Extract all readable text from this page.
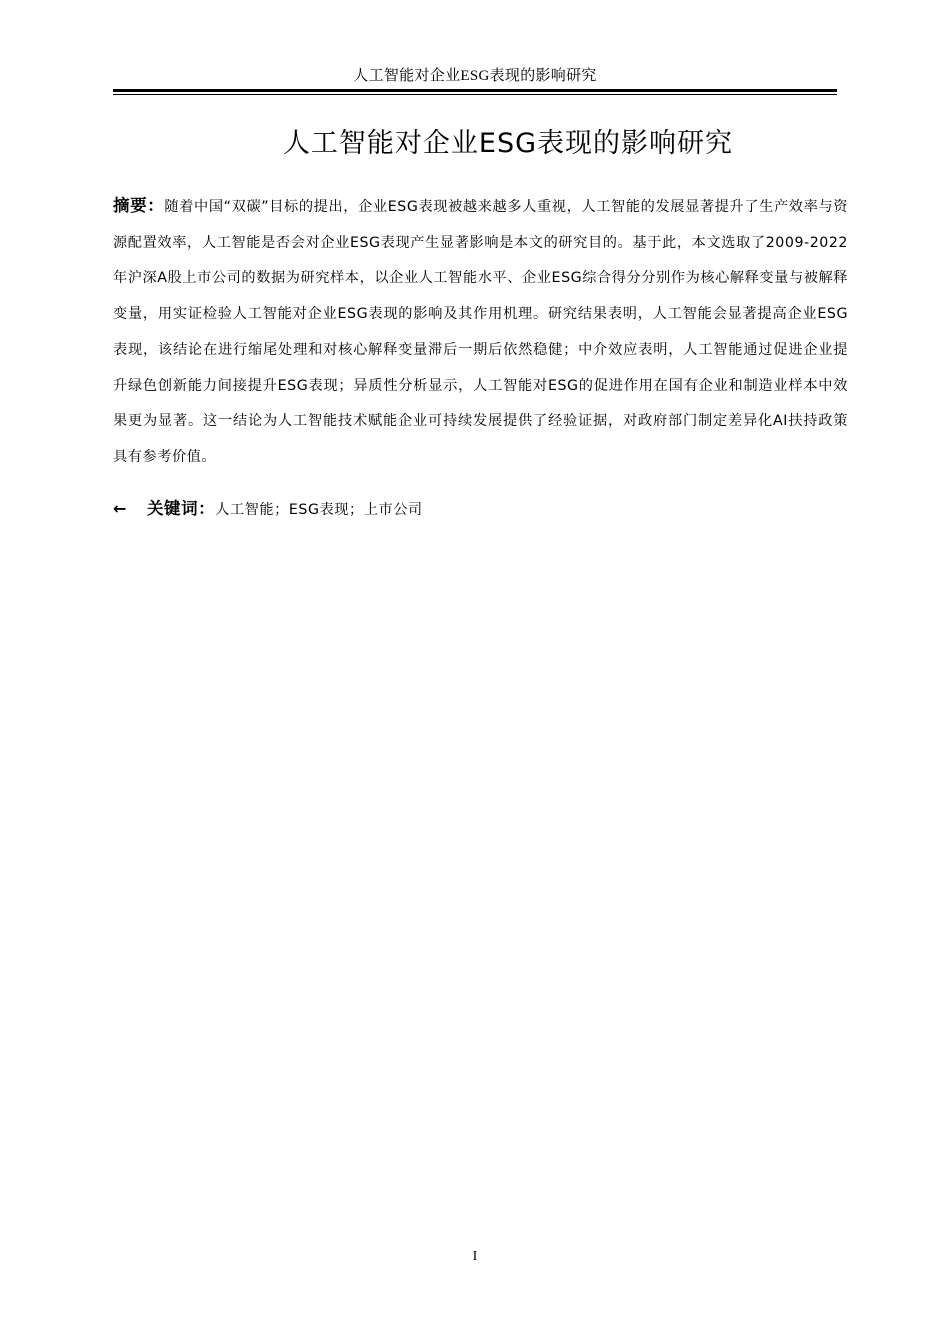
人工智能对企业ESG表现的影响研究
人工智能对企业ESG表现的影响研究
摘要：随着中国“双碳”目标的提出，企业ESG表现被越来越多人重视，人工智能的发展显著提升了生产效率与资源配置效率，人工智能是否会对企业ESG表现产生显著影响是本文的研究目的。基于此，本文选取了2009-2022年沪深A股上市公司的数据为研究样本，以企业人工智能水平、企业ESG综合得分分别作为核心解释变量与被解释变量，用实证检验人工智能对企业ESG表现的影响及其作用机理。研究结果表明，人工智能会显著提高企业ESG表现，该结论在进行缩尾处理和对核心解释变量滞后一期后依然稳健；中介效应表明，人工智能通过促进企业提升绿色创新能力间接提升ESG表现；异质性分析显示，人工智能对ESG的促进作用在国有企业和制造业样本中效果更为显著。这一结论为人工智能技术赋能企业可持续发展提供了经验证据，对政府部门制定差异化AI扶持政策具有参考价值。
← 关键词：人工智能；ESG表现；上市公司
I
